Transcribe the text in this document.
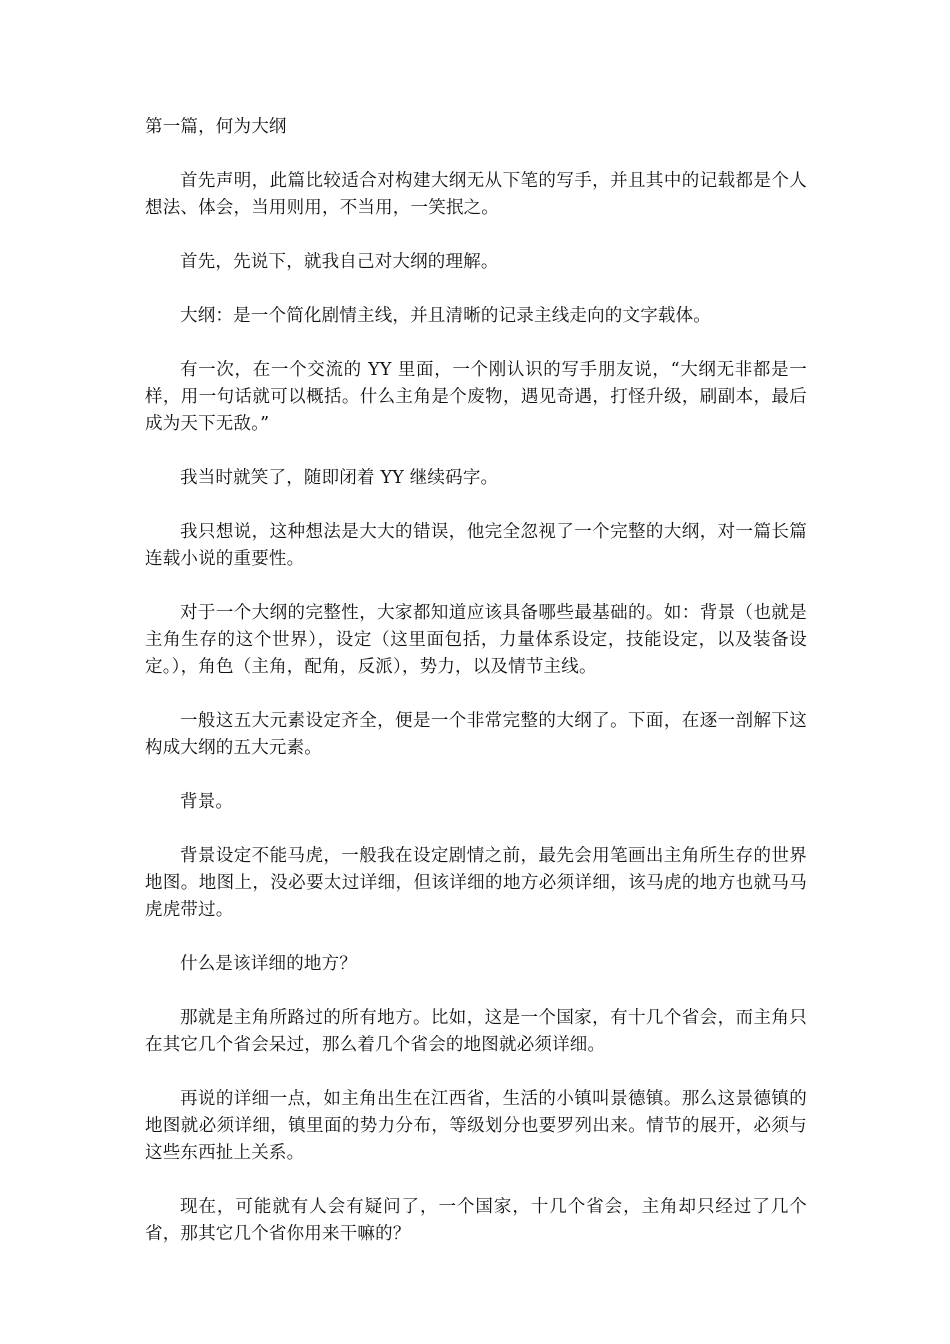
第一篇，何为大纲

首先声明，此篇比较适合对构建大纲无从下笔的写手，并且其中的记载都是个人想法、体会，当用则用，不当用，一笑抿之。

首先，先说下，就我自己对大纲的理解。

大纲：是一个简化剧情主线，并且清晰的记录主线走向的文字载体。

有一次，在一个交流的 YY 里面，一个刚认识的写手朋友说，“大纲无非都是一样，用一句话就可以概括。什么主角是个废物，遇见奇遇，打怪升级，刷副本，最后成为天下无敌。”

我当时就笑了，随即闭着 YY 继续码字。

我只想说，这种想法是大大的错误，他完全忽视了一个完整的大纲，对一篇长篇连载小说的重要性。

对于一个大纲的完整性，大家都知道应该具备哪些最基础的。如：背景（也就是主角生存的这个世界），设定（这里面包括，力量体系设定，技能设定，以及装备设定。），角色（主角，配角，反派），势力，以及情节主线。

一般这五大元素设定齐全，便是一个非常完整的大纲了。下面，在逐一剖解下这构成大纲的五大元素。

背景。

背景设定不能马虎，一般我在设定剧情之前，最先会用笔画出主角所生存的世界地图。地图上，没必要太过详细，但该详细的地方必须详细，该马虎的地方也就马马虎虎带过。

什么是该详细的地方？

那就是主角所路过的所有地方。比如，这是一个国家，有十几个省会，而主角只在其它几个省会呆过，那么着几个省会的地图就必须详细。

再说的详细一点，如主角出生在江西省，生活的小镇叫景德镇。那么这景德镇的地图就必须详细，镇里面的势力分布，等级划分也要罗列出来。情节的展开，必须与这些东西扯上关系。

现在，可能就有人会有疑问了，一个国家，十几个省会，主角却只经过了几个省，那其它几个省你用来干嘛的？
